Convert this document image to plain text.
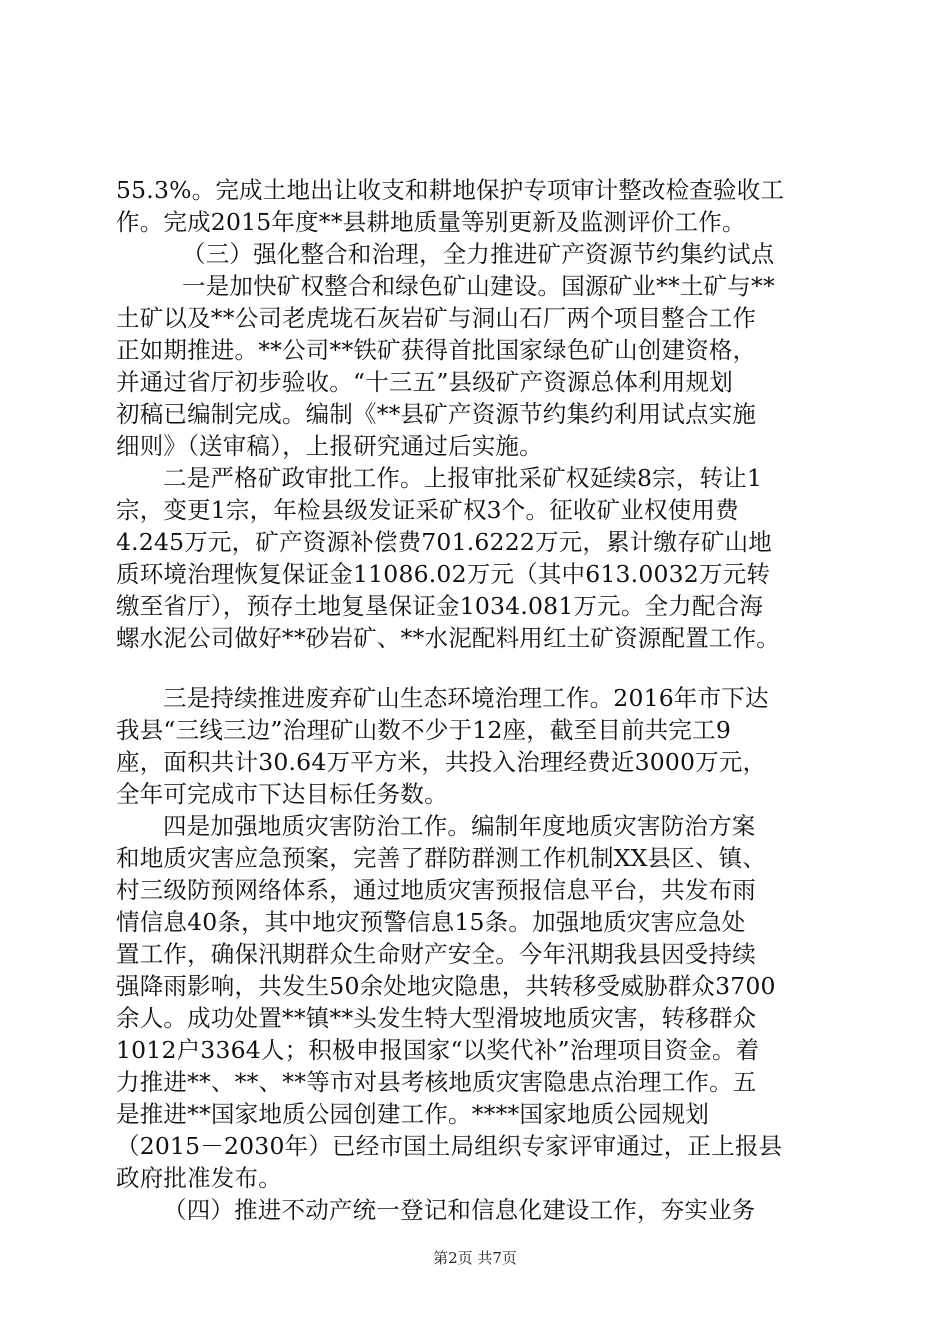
55.3%。完成土地出让收支和耕地保护专项审计整改检查验收工
作。完成2015年度**县耕地质量等别更新及监测评价工作。
（三）强化整合和治理，全力推进矿产资源节约集约试点
一是加快矿权整合和绿色矿山建设。国源矿业**土矿与**
土矿以及**公司老虎垅石灰岩矿与洞山石厂两个项目整合工作
正如期推进。**公司**铁矿获得首批国家绿色矿山创建资格，
并通过省厅初步验收。“十三五”县级矿产资源总体利用规划
初稿已编制完成。编制《**县矿产资源节约集约利用试点实施
细则》（送审稿），上报研究通过后实施。
二是严格矿政审批工作。上报审批采矿权延续8宗，转让1
宗，变更1宗，年检县级发证采矿权3个。征收矿业权使用费
4.245万元，矿产资源补偿费701.6222万元，累计缴存矿山地
质环境治理恢复保证金11086.02万元（其中613.0032万元转
缴至省厅），预存土地复垦保证金1034.081万元。全力配合海
螺水泥公司做好**砂岩矿、**水泥配料用红土矿资源配置工作。
三是持续推进废弃矿山生态环境治理工作。2016年市下达
我县“三线三边”治理矿山数不少于12座，截至目前共完工9
座，面积共计30.64万平方米，共投入治理经费近3000万元，
全年可完成市下达目标任务数。
四是加强地质灾害防治工作。编制年度地质灾害防治方案
和地质灾害应急预案，完善了群防群测工作机制XX县区、镇、
村三级防预网络体系，通过地质灾害预报信息平台，共发布雨
情信息40条，其中地灾预警信息15条。加强地质灾害应急处
置工作，确保汛期群众生命财产安全。今年汛期我县因受持续
强降雨影响，共发生50余处地灾隐患，共转移受威胁群众3700
余人。成功处置**镇**头发生特大型滑坡地质灾害，转移群众
1012户3364人；积极申报国家“以奖代补”治理项目资金。着
力推进**、**、**等市对县考核地质灾害隐患点治理工作。五
是推进**国家地质公园创建工作。****国家地质公园规划
（2015－2030年）已经市国土局组织专家评审通过，正上报县
政府批准发布。
（四）推进不动产统一登记和信息化建设工作，夯实业务
第2页 共7页
